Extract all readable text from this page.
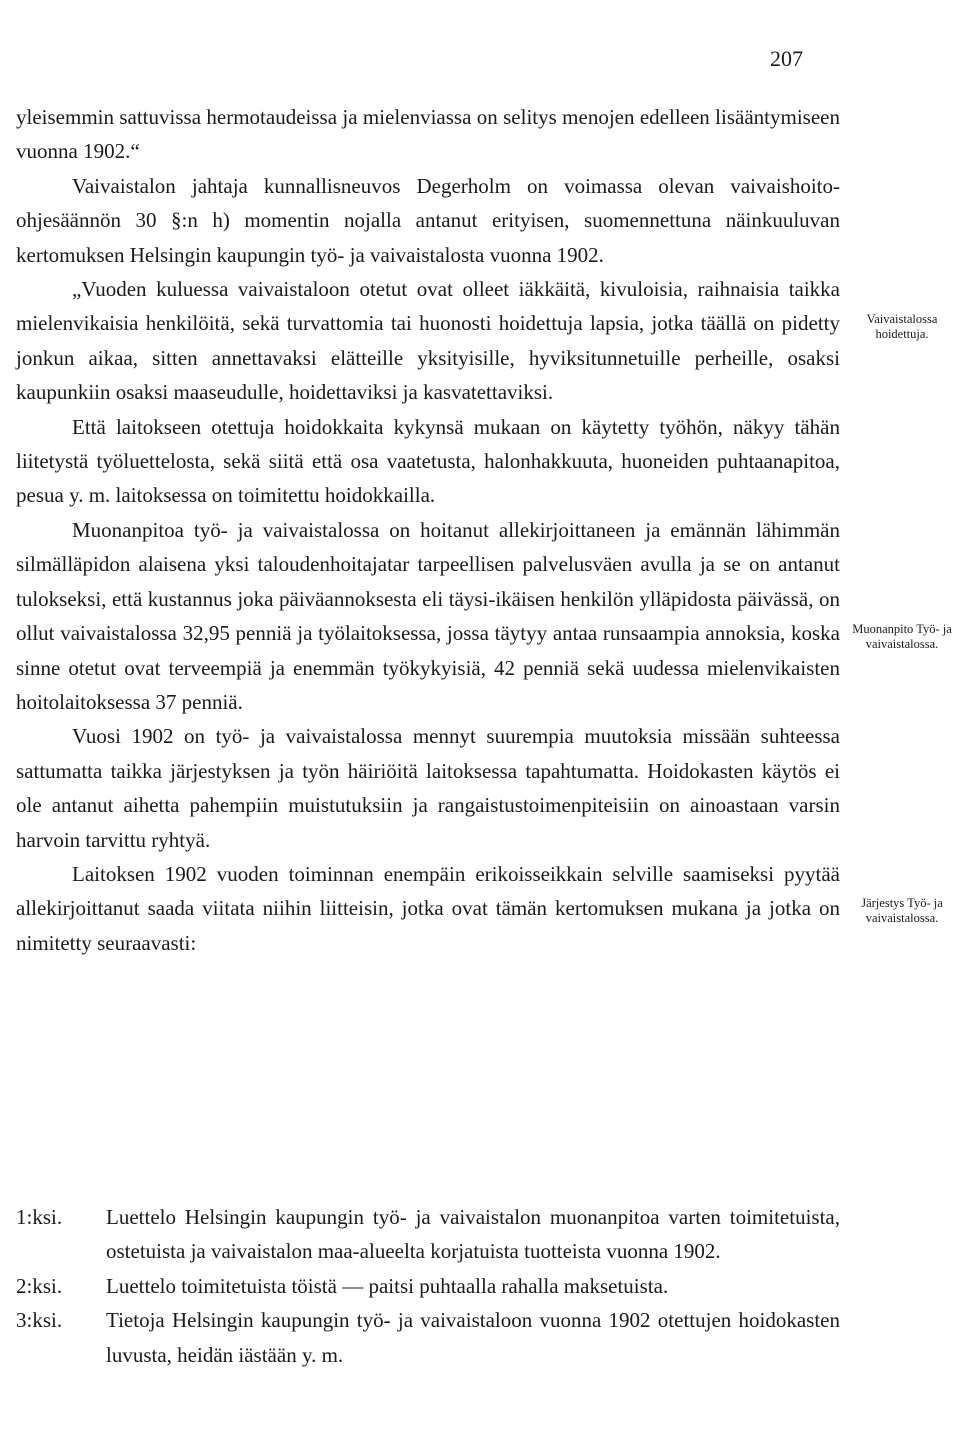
207

yleisemmin sattuvissa hermotaudeissa ja mielenviassa on selitys menojen edelleen lisääntymiseen vuonna 1902.“

Vaivaistalon jahtaja kunnallisneuvos Degerholm on voimassa olevan vaivaishoito-ohjesäännön 30 §:n h) momentin nojalla antanut erityisen, suomennettuna näinkuuluvan kertomuksen Helsingin kaupungin työ- ja vaivaistalosta vuonna 1902.

„Vuoden kuluessa vaivaistaloon otetut ovat olleet iäkkäitä, kivuloisia, raihnaisia taikka mielenvikaisia henkilöitä, sekä turvattomia tai huonosti hoidettuja lapsia, jotka täällä on pidetty jonkun aikaa, sitten annettavaksi elätteille yksityisille, hyviksitunnetuille perheille, osaksi kaupunkiin osaksi maaseudulle, hoidettaviksi ja kasvatettaviksi.

Että laitokseen otettuja hoidokkaita kykynsä mukaan on käytetty työhön, näkyy tähän liitetystä työluettelosta, sekä siitä että osa vaatetusta, halonhakkuuta, huoneiden puhtaanapitoa, pesua y. m. laitoksessa on toimitettu hoidokkailla.

Muonanpitoa työ- ja vaivaistalossa on hoitanut allekirjoittaneen ja emännän lähimmän silmälläpidon alaisena yksi taloudenhoitajatar tarpeellisen palvelusväen avulla ja se on antanut tulokseksi, että kustannus joka päiväannoksesta eli täysi-ikäisen henkilön ylläpidosta päivässä, on ollut vaivaistalossa 32,95 penniä ja työlaitoksessa, jossa täytyy antaa runsaampia annoksia, koska sinne otetut ovat terveempiä ja enemmän työkykyisiä, 42 penniä sekä uudessa mielenvikaisten hoitolaitoksessa 37 penniä.

Vuosi 1902 on työ- ja vaivaistalossa mennyt suurempia muutoksia missään suhteessa sattumatta taikka järjestyksen ja työn häiriöitä laitoksessa tapahtumatta. Hoidokasten käytös ei ole antanut aihetta pahempiin muistutuksiin ja rangaistustoimenpiteisiin on ainoastaan varsin harvoin tarvittu ryhtyä.

Laitoksen 1902 vuoden toiminnan enempäin erikoisseikkain selville saamiseksi pyytää allekirjoittanut saada viitata niihin liitteisin, jotka ovat tämän kertomuksen mukana ja jotka on nimitetty seuraavasti:

Vaivaistalossa hoidettuja.
Muonanpito Työ- ja vaivaistalossa.
Järjestys Työ- ja vaivaistalossa.
1:ksi.	Luettelo Helsingin kaupungin työ- ja vaivaistalon muonanpitoa varten toimitetuista, ostetuista ja vaivaistalon maa-alueelta korjatuista tuotteista vuonna 1902.
2:ksi.	Luettelo toimitetuista töistä — paitsi puhtaalla rahalla maksetuista.
3:ksi.	Tietoja Helsingin kaupungin työ- ja vaivaistaloon vuonna 1902 otettujen hoidokasten luvusta, heidän iästään y. m.
